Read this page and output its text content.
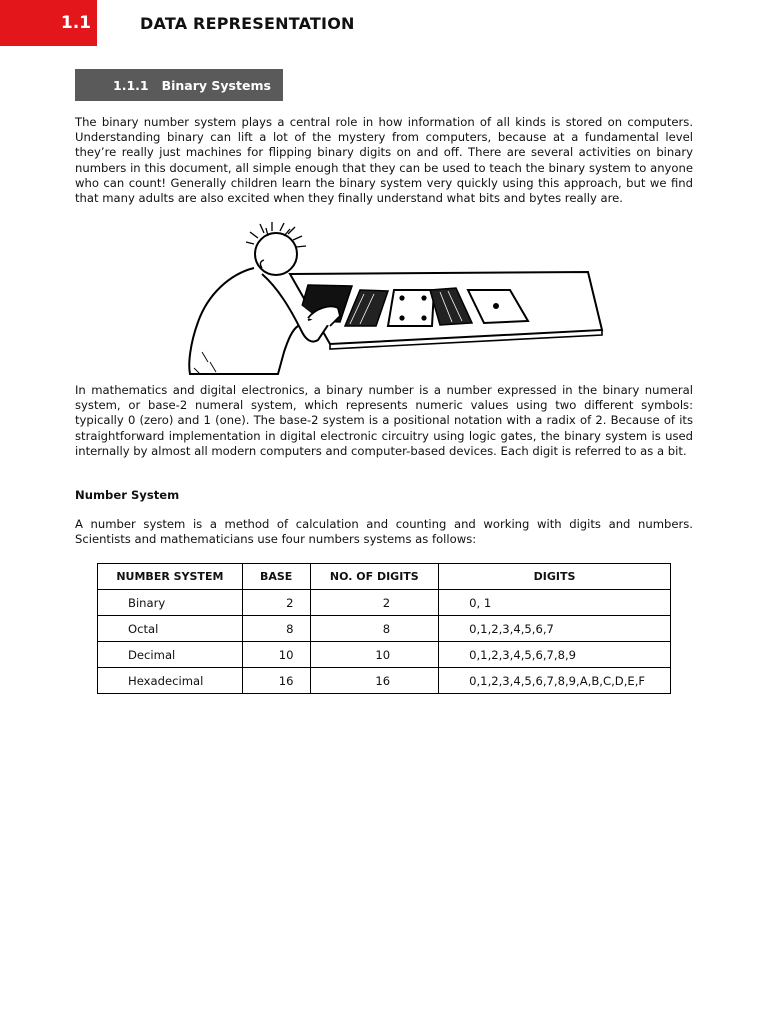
1.1	DATA REPRESENTATION
1.1.1 Binary Systems

The binary number system plays a central role in how information of all kinds is stored on computers. Understanding binary can lift a lot of the mystery from computers, because at a fundamental level they’re really just machines for flipping binary digits on and off. There are several activities on binary numbers in this document, all simple enough that they can be used to teach the binary system to anyone who can count! Generally children learn the binary system very quickly using this approach, but we find that many adults are also excited when they finally understand what bits and bytes really are.

In mathematics and digital electronics, a binary number is a number expressed in the binary numeral system, or base-2 numeral system, which represents numeric values using two different symbols: typically 0 (zero) and 1 (one). The base-2 system is a positional notation with a radix of 2. Because of its straightforward implementation in digital electronic circuitry using logic gates, the binary system is used internally by almost all modern computers and computer-based devices. Each digit is referred to as a bit.

Number System

A number system is a method of calculation and counting and working with digits and numbers. Scientists and mathematicians use four numbers systems as follows:

NUMBER SYSTEM	BASE	NO. OF DIGITS	DIGITS
Binary	2	2	0, 1
Octal	8	8	0,1,2,3,4,5,6,7
Decimal	10	10	0,1,2,3,4,5,6,7,8,9
Hexadecimal	16	16	0,1,2,3,4,5,6,7,8,9,A,B,C,D,E,F
